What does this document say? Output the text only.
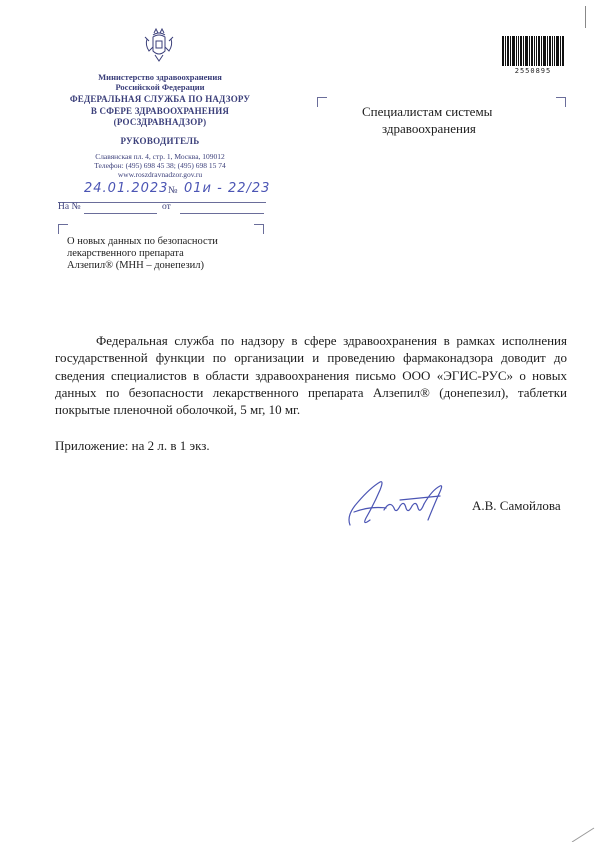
Министерство здравоохранения
Российской Федерации
ФЕДЕРАЛЬНАЯ СЛУЖБА ПО НАДЗОРУ
В СФЕРЕ ЗДРАВООХРАНЕНИЯ
(РОСЗДРАВНАДЗОР)
РУКОВОДИТЕЛЬ
Славянская пл. 4, стр. 1, Москва, 109012
Телефон: (495) 698 45 38; (495) 698 15 74
www.roszdravnadzor.gov.ru
24.01.2023 № 01и - 22/23
На №	от
О новых данных по безопасности
лекарственного препарата
Алзепил® (МНН – донепезил)
Специалистам системы
здравоохранения
2550895
Федеральная служба по надзору в сфере здравоохранения в рамках исполнения государственной функции по организации и проведению фармаконадзора доводит до сведения специалистов в области здравоохранения письмо ООО «ЭГИС-РУС» о новых данных по безопасности лекарственного препарата Алзепил® (донепезил), таблетки покрытые пленочной оболочкой, 5 мг, 10 мг.
Приложение: на 2 л. в 1 экз.
А.В. Самойлова
